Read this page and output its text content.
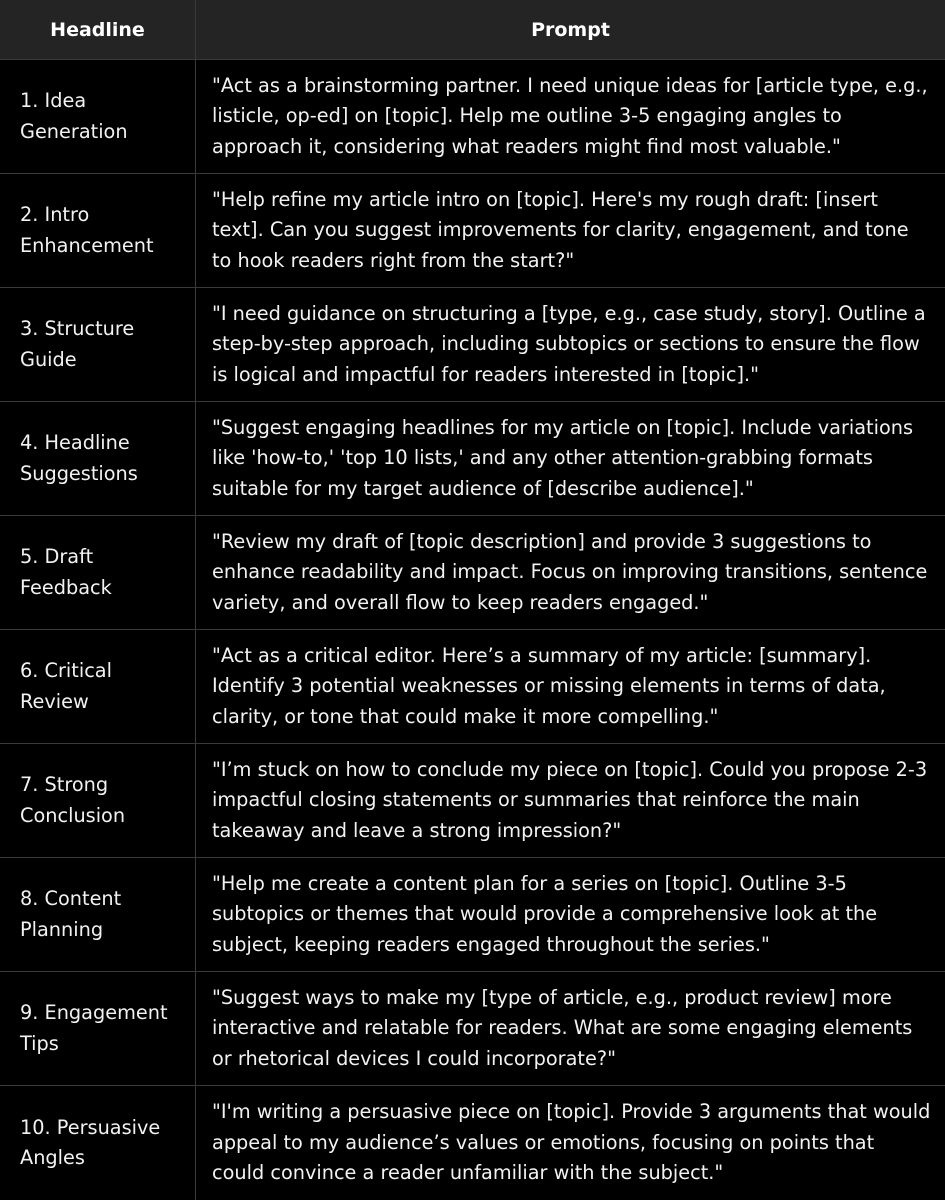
Headline	Prompt
1. Idea Generation
"Act as a brainstorming partner. I need unique ideas for [article type, e.g., listicle, op-ed] on [topic]. Help me outline 3-5 engaging angles to approach it, considering what readers might find most valuable."
2. Intro Enhancement
"Help refine my article intro on [topic]. Here's my rough draft: [insert text]. Can you suggest improvements for clarity, engagement, and tone to hook readers right from the start?"
3. Structure Guide
"I need guidance on structuring a [type, e.g., case study, story]. Outline a step-by-step approach, including subtopics or sections to ensure the flow is logical and impactful for readers interested in [topic]."
4. Headline Suggestions
"Suggest engaging headlines for my article on [topic]. Include variations like 'how-to,' 'top 10 lists,' and any other attention-grabbing formats suitable for my target audience of [describe audience]."
5. Draft Feedback
"Review my draft of [topic description] and provide 3 suggestions to enhance readability and impact. Focus on improving transitions, sentence variety, and overall flow to keep readers engaged."
6. Critical Review
"Act as a critical editor. Here’s a summary of my article: [summary]. Identify 3 potential weaknesses or missing elements in terms of data, clarity, or tone that could make it more compelling."
7. Strong Conclusion
"I’m stuck on how to conclude my piece on [topic]. Could you propose 2-3 impactful closing statements or summaries that reinforce the main takeaway and leave a strong impression?"
8. Content Planning
"Help me create a content plan for a series on [topic]. Outline 3-5 subtopics or themes that would provide a comprehensive look at the subject, keeping readers engaged throughout the series."
9. Engagement Tips
"Suggest ways to make my [type of article, e.g., product review] more interactive and relatable for readers. What are some engaging elements or rhetorical devices I could incorporate?"
10. Persuasive Angles
"I'm writing a persuasive piece on [topic]. Provide 3 arguments that would appeal to my audience’s values or emotions, focusing on points that could convince a reader unfamiliar with the subject."
